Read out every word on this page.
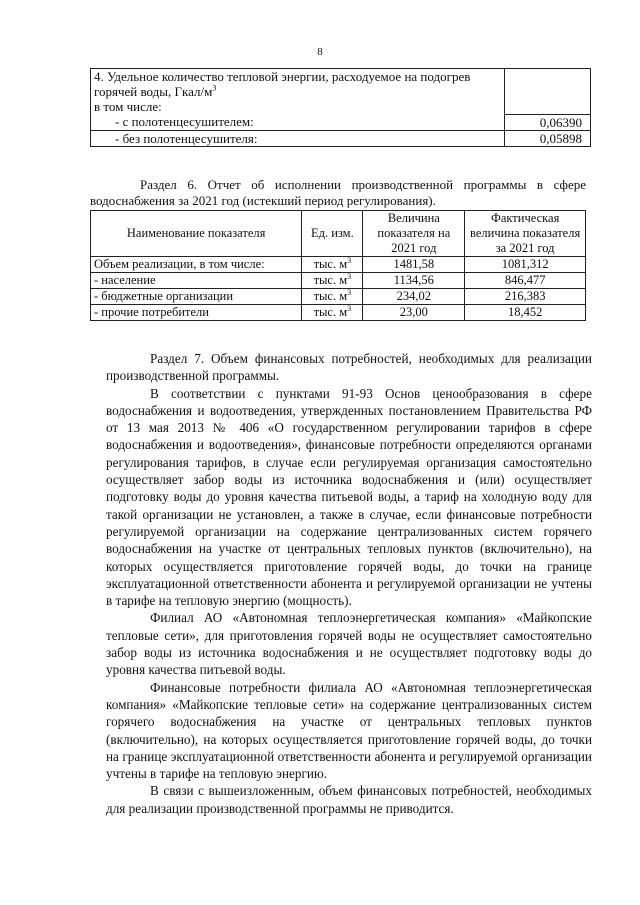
8
4. Удельное количество тепловой энергии, расходуемое на подогрев горячей воды, Гкал/$м^3$	
в том числе:	
- с полотенцесушителем:	0,06390
- без полотенцесушителя:	0,05898
Раздел 6. Отчет об исполнении производственной программы в сфере водоснабжения за 2021 год (истекший период регулирования).
Наименование показателя	Ед. изм.	Величина показателя на 2021 год	Фактическая величина показателя за 2021 год
Объем реализации, в том числе:	тыс. $м^3$	1481,58	1081,312
- население	тыс. $м^3$	1134,56	846,477
- бюджетные организации	тыс. $м^3$	234,02	216,383
- прочие потребители	тыс. $м^3$	23,00	18,452

Раздел 7. Объем финансовых потребностей, необходимых для реализации производственной программы.

В соответствии с пунктами 91-93 Основ ценообразования в сфере водоснабжения и водоотведения, утвержденных постановлением Правительства РФ от 13 мая 2013 № 406 «О государственном регулировании тарифов в сфере водоснабжения и водоотведения», финансовые потребности определяются органами регулирования тарифов, в случае если регулируемая организация самостоятельно осуществляет забор воды из источника водоснабжения и (или) осуществляет подготовку воды до уровня качества питьевой воды, а тариф на холодную воду для такой организации не установлен, а также в случае, если финансовые потребности регулируемой организации на содержание централизованных систем горячего водоснабжения на участке от центральных тепловых пунктов (включительно), на которых осуществляется приготовление горячей воды, до точки на границе эксплуатационной ответственности абонента и регулируемой организации не учтены в тарифе на тепловую энергию (мощность).

Филиал АО «Автономная теплоэнергетическая компания» «Майкопские тепловые сети», для приготовления горячей воды не осуществляет самостоятельно забор воды из источника водоснабжения и не осуществляет подготовку воды до уровня качества питьевой воды.

Финансовые потребности филиала АО «Автономная теплоэнергетическая компания» «Майкопские тепловые сети» на содержание централизованных систем горячего водоснабжения на участке от центральных тепловых пунктов (включительно), на которых осуществляется приготовление горячей воды, до точки на границе эксплуатационной ответственности абонента и регулируемой организации учтены в тарифе на тепловую энергию.

В связи с вышеизложенным, объем финансовых потребностей, необходимых для реализации производственной программы не приводится.
